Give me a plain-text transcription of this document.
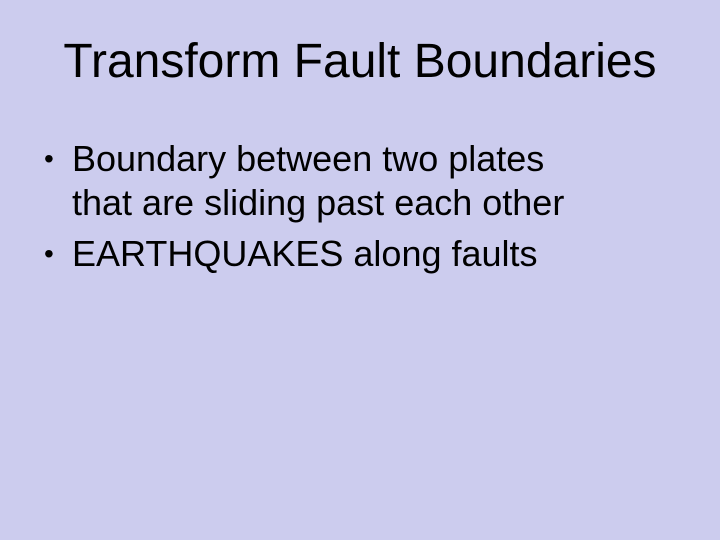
Transform Fault Boundaries
• Boundary between two plates
that are sliding past each other
• EARTHQUAKES along faults
